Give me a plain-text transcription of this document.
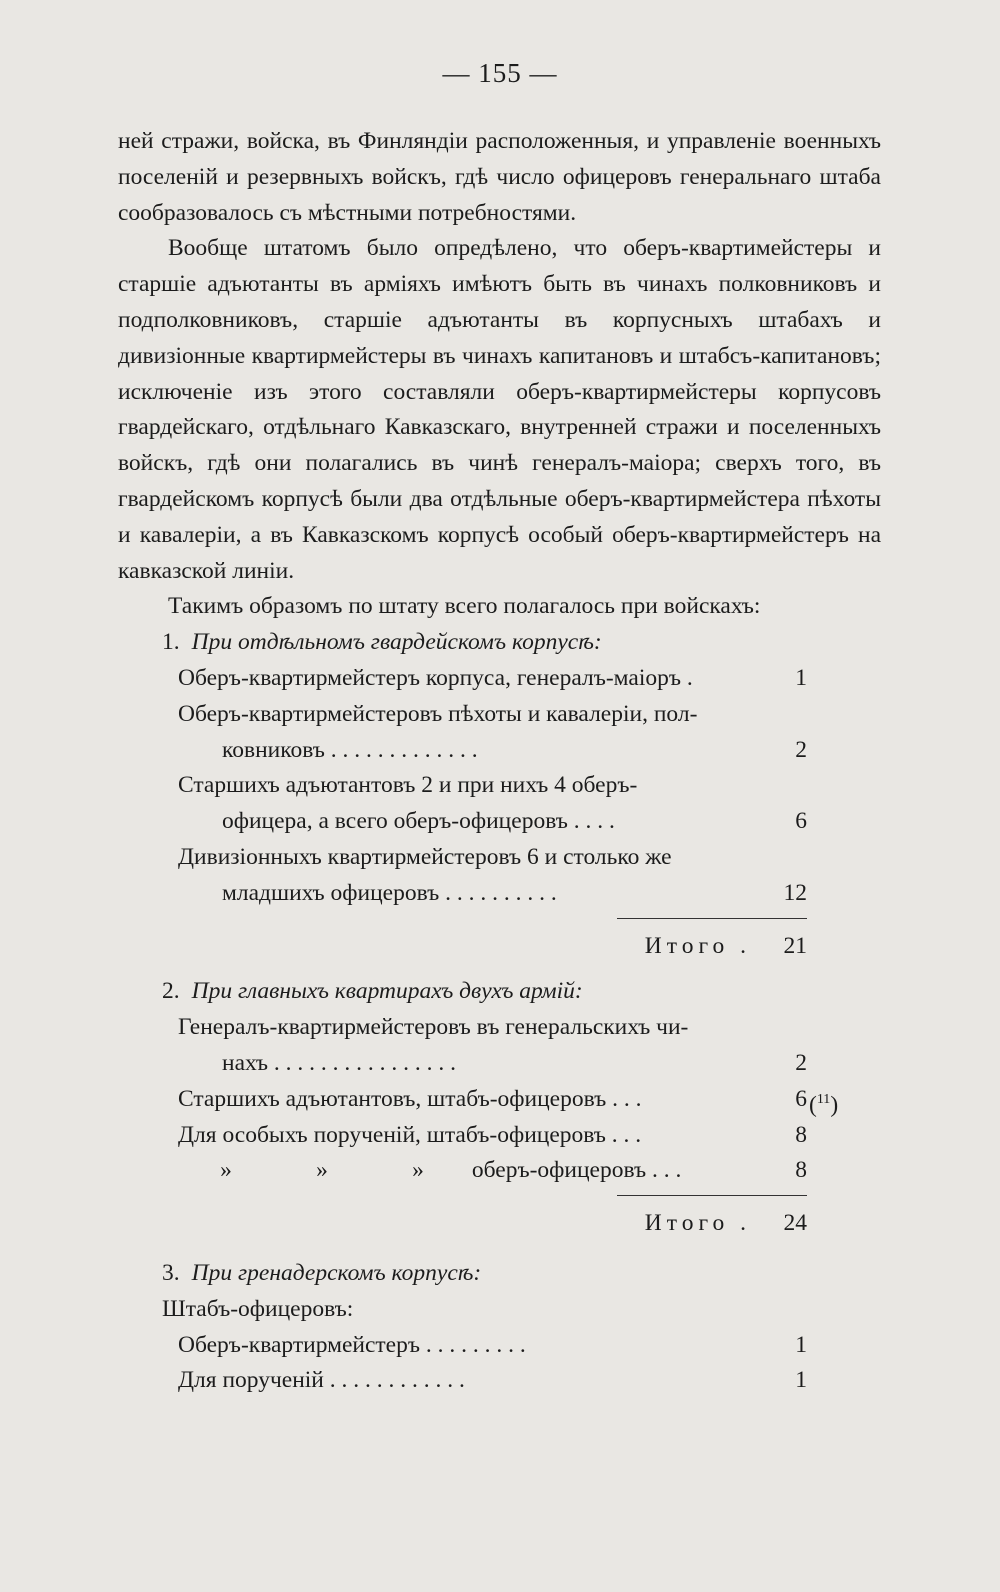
— 155 —

ней стражи, войска, въ Финляндіи расположенныя, и управленіе военныхъ поселеній и резервныхъ войскъ, гдѣ число офицеровъ генеральнаго штаба сообразовалось съ мѣстными потребностями.

Вообще штатомъ было опредѣлено, что оберъ-квартимейстеры и старшіе адъютанты въ арміяхъ имѣютъ быть въ чинахъ полковниковъ и подполковниковъ, старшіе адъютанты въ корпусныхъ штабахъ и дивизіонные квартирмейстеры въ чинахъ капитановъ и штабсъ-капитановъ; исключеніе изъ этого составляли оберъ-квартирмейстеры корпусовъ гвардейскаго, отдѣльнаго Кавказскаго, внутренней стражи и поселенныхъ войскъ, гдѣ они полагались въ чинѣ генералъ-маіора; сверхъ того, въ гвардейскомъ корпусѣ были два отдѣльные оберъ-квартирмейстера пѣхоты и кавалеріи, а въ Кавказскомъ корпусѣ особый оберъ-квартирмейстеръ на кавказской линіи.

Такимъ образомъ по штату всего полагалось при войскахъ:

1. При отдѣльномъ гвардейскомъ корпусѣ:
Оберъ-квартирмейстеръ корпуса, генералъ-маіоръ .	1
Оберъ-квартирмейстеровъ пѣхоты и кавалеріи, пол-
ковниковъ . . . . . . . . . . . . .	2
Старшихъ адъютантовъ 2 и при нихъ 4 оберъ-
офицера, а всего оберъ-офицеровъ . . . .	6
Дивизіонныхъ квартирмейстеровъ 6 и столько же
младшихъ офицеровъ . . . . . . . . . .	12
Итого .	21
2. При главныхъ квартирахъ двухъ армій:
Генералъ-квартирмейстеровъ въ генеральскихъ чи-
нахъ . . . . . . . . . . . . . . . .	2
Старшихъ адъютантовъ, штабъ-офицеровъ . . .	6 ($^{11}$)
Для особыхъ порученій, штабъ-офицеровъ . . .	8
»	»	» оберъ-офицеровъ . . .	8
Итого .	24
3. При гренадерскомъ корпусѣ:
Штабъ-офицеровъ:
Оберъ-квартирмейстеръ . . . . . . . . .	1
Для порученій . . . . . . . . . . . .	1
